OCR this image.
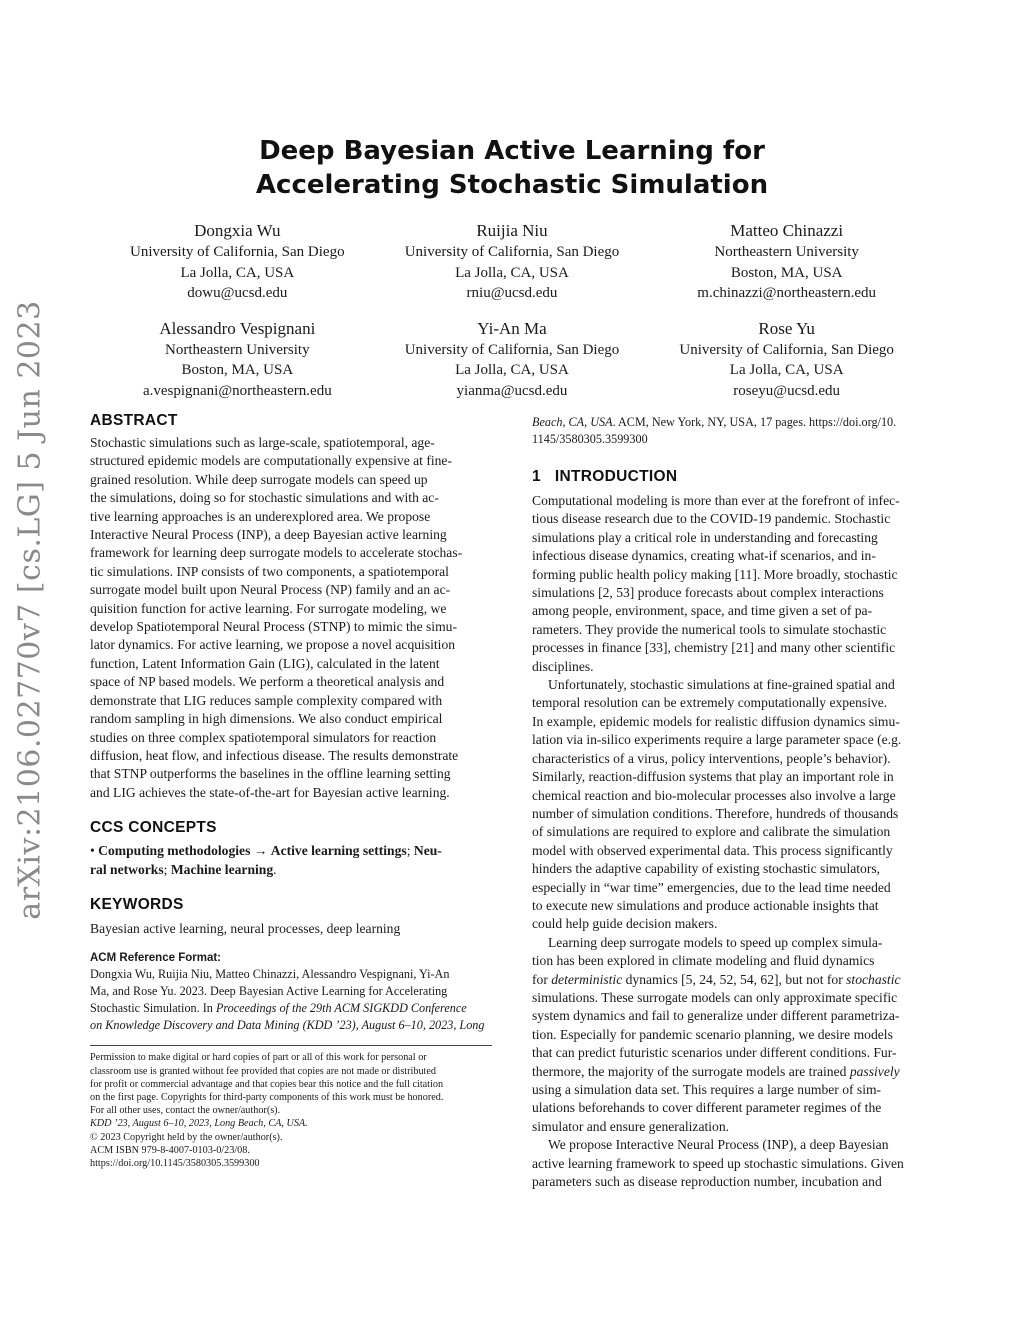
arXiv:2106.02770v7 [cs.LG] 5 Jun 2023
Deep Bayesian Active Learning for
Accelerating Stochastic Simulation
Dongxia Wu
University of California, San Diego
La Jolla, CA, USA
dowu@ucsd.edu
Ruijia Niu
University of California, San Diego
La Jolla, CA, USA
rniu@ucsd.edu
Matteo Chinazzi
Northeastern University
Boston, MA, USA
m.chinazzi@northeastern.edu
Alessandro Vespignani
Northeastern University
Boston, MA, USA
a.vespignani@northeastern.edu
Yi-An Ma
University of California, San Diego
La Jolla, CA, USA
yianma@ucsd.edu
Rose Yu
University of California, San Diego
La Jolla, CA, USA
roseyu@ucsd.edu
ABSTRACT
Stochastic simulations such as large-scale, spatiotemporal, age-
structured epidemic models are computationally expensive at fine-
grained resolution. While deep surrogate models can speed up
the simulations, doing so for stochastic simulations and with ac-
tive learning approaches is an underexplored area. We propose
Interactive Neural Process (INP), a deep Bayesian active learning
framework for learning deep surrogate models to accelerate stochas-
tic simulations. INP consists of two components, a spatiotemporal
surrogate model built upon Neural Process (NP) family and an ac-
quisition function for active learning. For surrogate modeling, we
develop Spatiotemporal Neural Process (STNP) to mimic the simu-
lator dynamics. For active learning, we propose a novel acquisition
function, Latent Information Gain (LIG), calculated in the latent
space of NP based models. We perform a theoretical analysis and
demonstrate that LIG reduces sample complexity compared with
random sampling in high dimensions. We also conduct empirical
studies on three complex spatiotemporal simulators for reaction
diffusion, heat flow, and infectious disease. The results demonstrate
that STNP outperforms the baselines in the offline learning setting
and LIG achieves the state-of-the-art for Bayesian active learning.
CCS CONCEPTS
• Computing methodologies → Active learning settings; Neu-
ral networks; Machine learning.
KEYWORDS
Bayesian active learning, neural processes, deep learning
ACM Reference Format:
Dongxia Wu, Ruijia Niu, Matteo Chinazzi, Alessandro Vespignani, Yi-An
Ma, and Rose Yu. 2023. Deep Bayesian Active Learning for Accelerating
Stochastic Simulation. In Proceedings of the 29th ACM SIGKDD Conference
on Knowledge Discovery and Data Mining (KDD ’23), August 6–10, 2023, Long
Permission to make digital or hard copies of part or all of this work for personal or
classroom use is granted without fee provided that copies are not made or distributed
for profit or commercial advantage and that copies bear this notice and the full citation
on the first page. Copyrights for third-party components of this work must be honored.
For all other uses, contact the owner/author(s).
KDD ’23, August 6–10, 2023, Long Beach, CA, USA.
© 2023 Copyright held by the owner/author(s).
ACM ISBN 979-8-4007-0103-0/23/08.
https://doi.org/10.1145/3580305.3599300
Beach, CA, USA. ACM, New York, NY, USA, 17 pages. https://doi.org/10.
1145/3580305.3599300
1 INTRODUCTION
Computational modeling is more than ever at the forefront of infec-
tious disease research due to the COVID-19 pandemic. Stochastic
simulations play a critical role in understanding and forecasting
infectious disease dynamics, creating what-if scenarios, and in-
forming public health policy making [11]. More broadly, stochastic
simulations [2, 53] produce forecasts about complex interactions
among people, environment, space, and time given a set of pa-
rameters. They provide the numerical tools to simulate stochastic
processes in finance [33], chemistry [21] and many other scientific
disciplines.
Unfortunately, stochastic simulations at fine-grained spatial and
temporal resolution can be extremely computationally expensive.
In example, epidemic models for realistic diffusion dynamics simu-
lation via in-silico experiments require a large parameter space (e.g.
characteristics of a virus, policy interventions, people’s behavior).
Similarly, reaction-diffusion systems that play an important role in
chemical reaction and bio-molecular processes also involve a large
number of simulation conditions. Therefore, hundreds of thousands
of simulations are required to explore and calibrate the simulation
model with observed experimental data. This process significantly
hinders the adaptive capability of existing stochastic simulators,
especially in “war time” emergencies, due to the lead time needed
to execute new simulations and produce actionable insights that
could help guide decision makers.
Learning deep surrogate models to speed up complex simula-
tion has been explored in climate modeling and fluid dynamics
for deterministic dynamics [5, 24, 52, 54, 62], but not for stochastic
simulations. These surrogate models can only approximate specific
system dynamics and fail to generalize under different parametriza-
tion. Especially for pandemic scenario planning, we desire models
that can predict futuristic scenarios under different conditions. Fur-
thermore, the majority of the surrogate models are trained passively
using a simulation data set. This requires a large number of sim-
ulations beforehands to cover different parameter regimes of the
simulator and ensure generalization.
We propose Interactive Neural Process (INP), a deep Bayesian
active learning framework to speed up stochastic simulations. Given
parameters such as disease reproduction number, incubation and
